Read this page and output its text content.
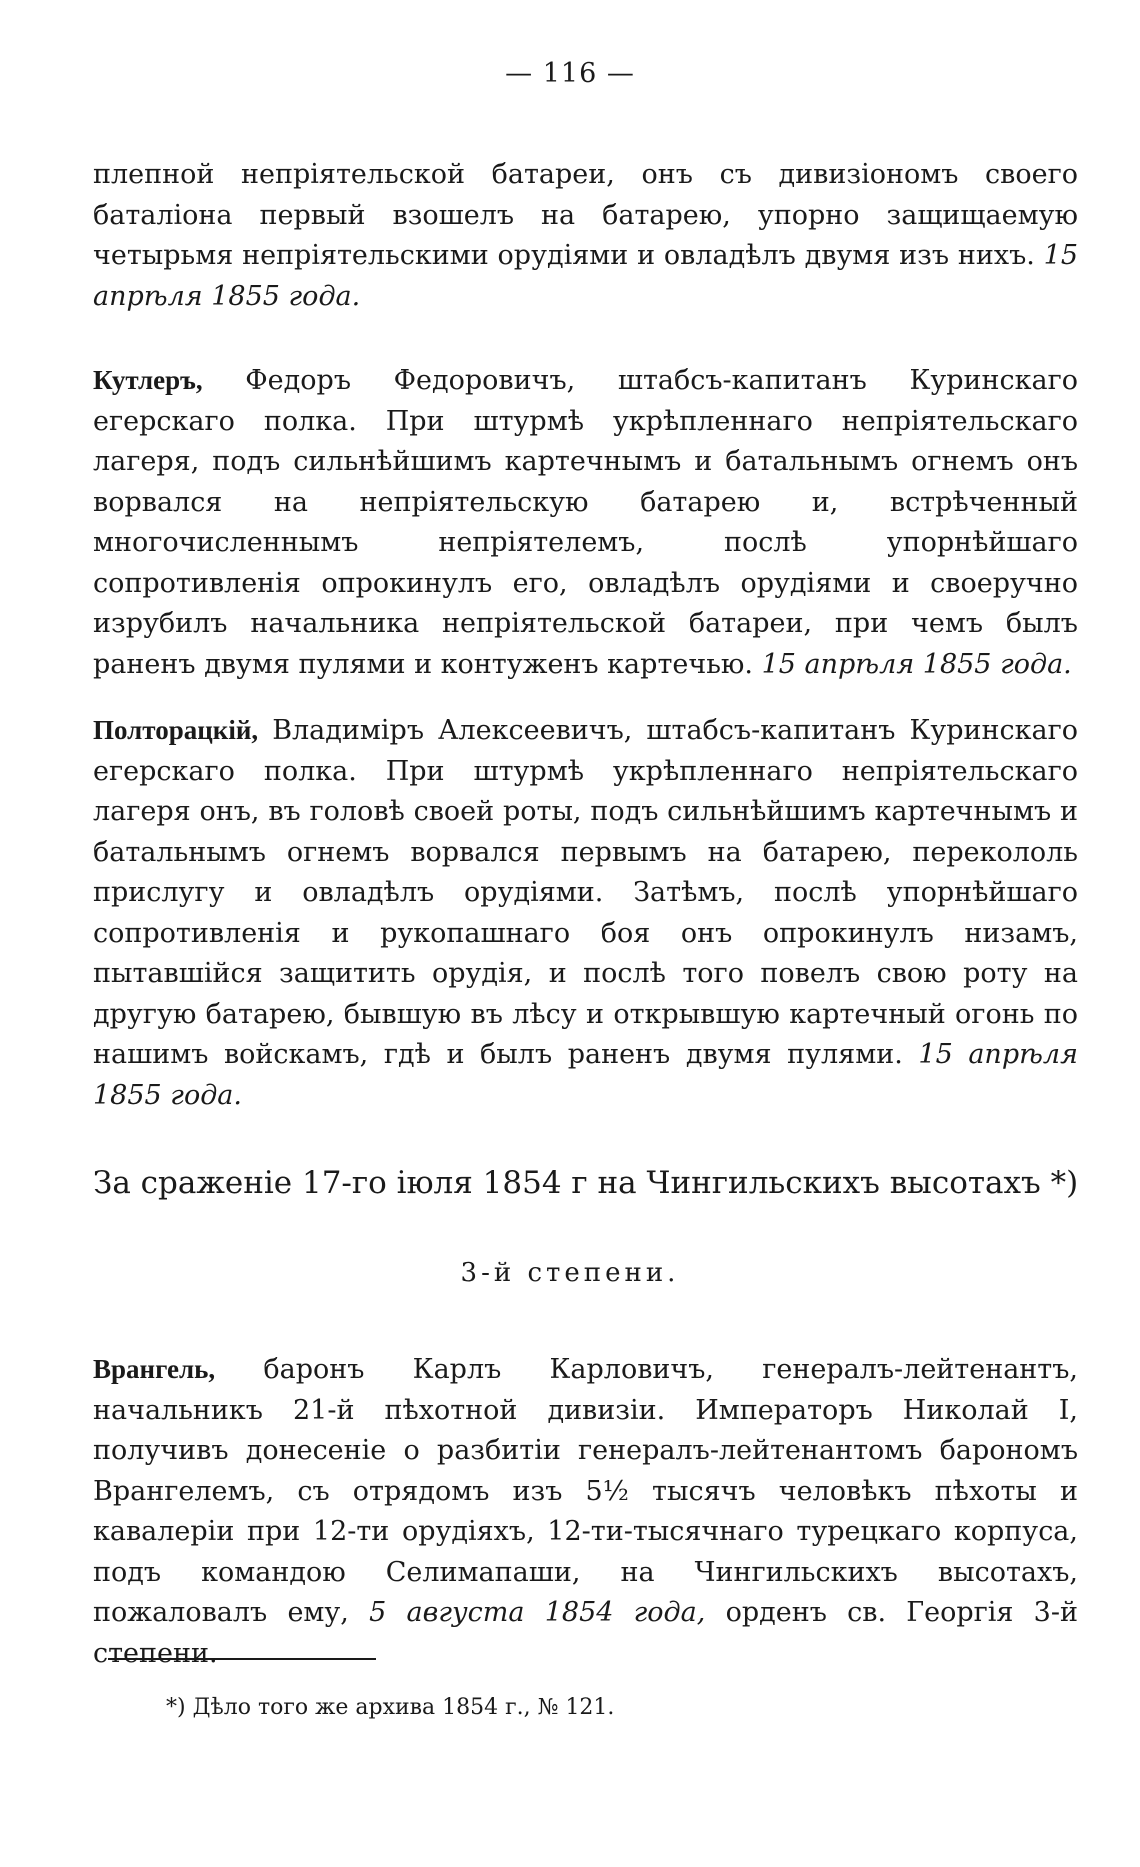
— 116 —

плепной непріятельской батареи, онъ съ дивизіономъ своего баталіона первый взошелъ на батарею, упорно защищаемую четырьмя непріятельскими орудіями и овладѣлъ двумя изъ нихъ. 15 апрѣля 1855 года.

Кутлеръ, Федоръ Федоровичъ, штабсъ-капитанъ Куринскаго егерскаго полка. При штурмѣ укрѣпленнаго непріятельскаго лагеря, подъ сильнѣйшимъ картечнымъ и батальнымъ огнемъ онъ ворвался на непріятельскую батарею и, встрѣченный многочисленнымъ непріятелемъ, послѣ упорнѣйшаго сопротивленія опрокинулъ его, овладѣлъ орудіями и своеручно изрубилъ начальника непріятельской батареи, при чемъ былъ раненъ двумя пулями и контуженъ картечью. 15 апрѣля 1855 года.

Полторацкій, Владиміръ Алексеевичъ, штабсъ-капитанъ Куринскаго егерскаго полка. При штурмѣ укрѣпленнаго непріятельскаго лагеря онъ, въ головѣ своей роты, подъ сильнѣйшимъ картечнымъ и батальнымъ огнемъ ворвался первымъ на батарею, перекололь прислугу и овладѣлъ орудіями. Затѣмъ, послѣ упорнѣйшаго сопротивленія и рукопашнаго боя онъ опрокинулъ низамъ, пытавшійся защитить орудія, и послѣ того повелъ свою роту на другую батарею, бывшую въ лѣсу и открывшую картечный огонь по нашимъ войскамъ, гдѣ и былъ раненъ двумя пулями. 15 апрѣля 1855 года.

За сраженіе 17-го іюля 1854 г на Чингильскихъ высотахъ *)
3-й степени.

Врангель, баронъ Карлъ Карловичъ, генералъ-лейтенантъ, начальникъ 21-й пѣхотной дивизіи. Императоръ Николай I, получивъ донесеніе о разбитіи генералъ-лейтенантомъ барономъ Врангелемъ, съ отрядомъ изъ 5½ тысячъ человѣкъ пѣхоты и кавалеріи при 12-ти орудіяхъ, 12-ти-тысячнаго турецкаго корпуса, подъ командою Селимапаши, на Чингильскихъ высотахъ, пожаловалъ ему, 5 августа 1854 года, орденъ св. Георгія 3-й степени.

*) Дѣло того же архива 1854 г., № 121.
